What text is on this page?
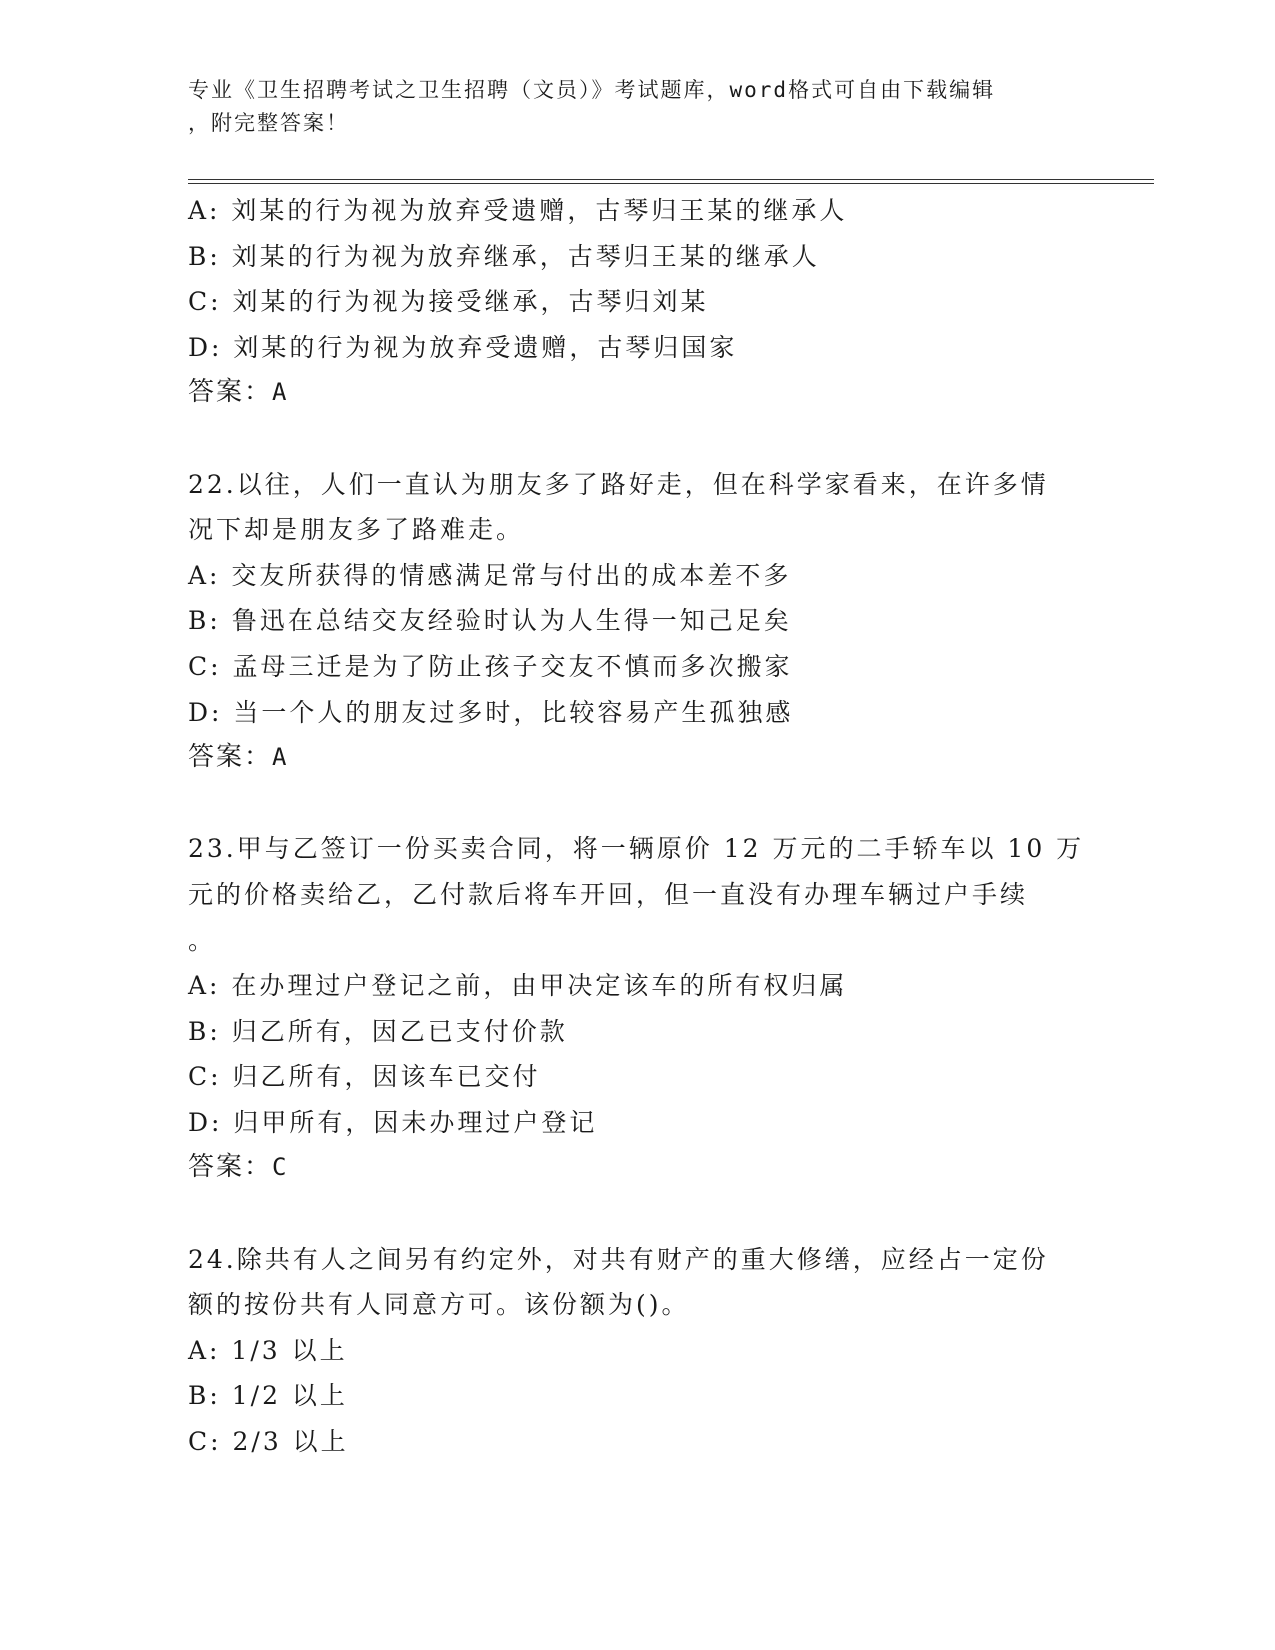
专业《卫生招聘考试之卫生招聘（文员）》考试题库，word格式可自由下载编辑
，附完整答案！
A: 刘某的行为视为放弃受遗赠，古琴归王某的继承人
B: 刘某的行为视为放弃继承，古琴归王某的继承人
C: 刘某的行为视为接受继承，古琴归刘某
D: 刘某的行为视为放弃受遗赠，古琴归国家
答案：A
22.以往，人们一直认为朋友多了路好走，但在科学家看来，在许多情
况下却是朋友多了路难走。
A: 交友所获得的情感满足常与付出的成本差不多
B: 鲁迅在总结交友经验时认为人生得一知己足矣
C: 孟母三迁是为了防止孩子交友不慎而多次搬家
D: 当一个人的朋友过多时，比较容易产生孤独感
答案：A
23.甲与乙签订一份买卖合同，将一辆原价 12 万元的二手轿车以 10 万
元的价格卖给乙，乙付款后将车开回，但一直没有办理车辆过户手续
。
A: 在办理过户登记之前，由甲决定该车的所有权归属
B: 归乙所有，因乙已支付价款
C: 归乙所有，因该车已交付
D: 归甲所有，因未办理过户登记
答案：C
24.除共有人之间另有约定外，对共有财产的重大修缮，应经占一定份
额的按份共有人同意方可。该份额为()。
A: 1/3 以上
B: 1/2 以上
C: 2/3 以上
